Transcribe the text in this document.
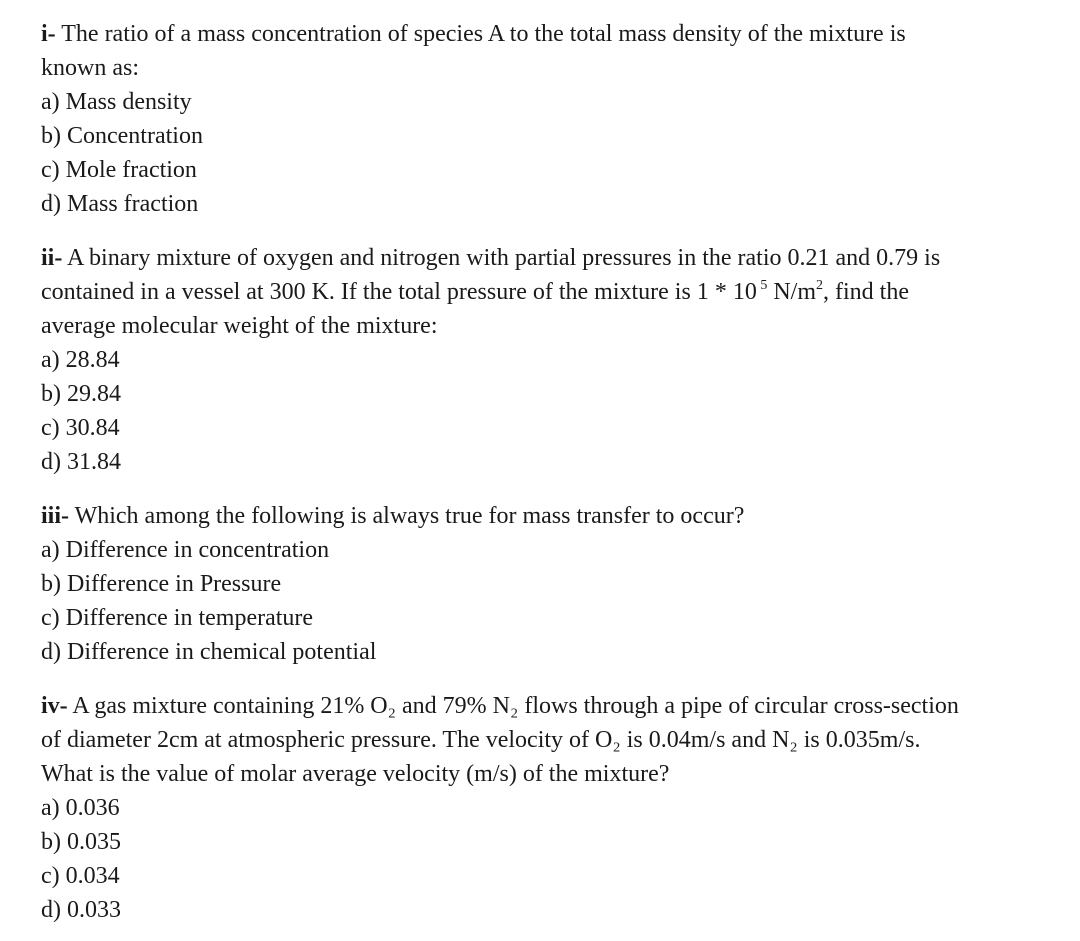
i- The ratio of a mass concentration of species A to the total mass density of the mixture is
known as:
a) Mass density
b) Concentration
c) Mole fraction
d) Mass fraction
ii- A binary mixture of oxygen and nitrogen with partial pressures in the ratio 0.21 and 0.79 is
contained in a vessel at 300 K. If the total pressure of the mixture is 1 * 10 $^5$ $N/m^2$, find the
average molecular weight of the mixture:
a) 28.84
b) 29.84
c) 30.84
d) 31.84
iii- Which among the following is always true for mass transfer to occur?
a) Difference in concentration
b) Difference in Pressure
c) Difference in temperature
d) Difference in chemical potential
iv- A gas mixture containing 21% O₂ and 79% N₂ flows through a pipe of circular cross-section
of diameter 2cm at atmospheric pressure. The velocity of O₂ is 0.04m/s and N₂ is 0.035m/s.
What is the value of molar average velocity (m/s) of the mixture?
a) 0.036
b) 0.035
c) 0.034
d) 0.033
